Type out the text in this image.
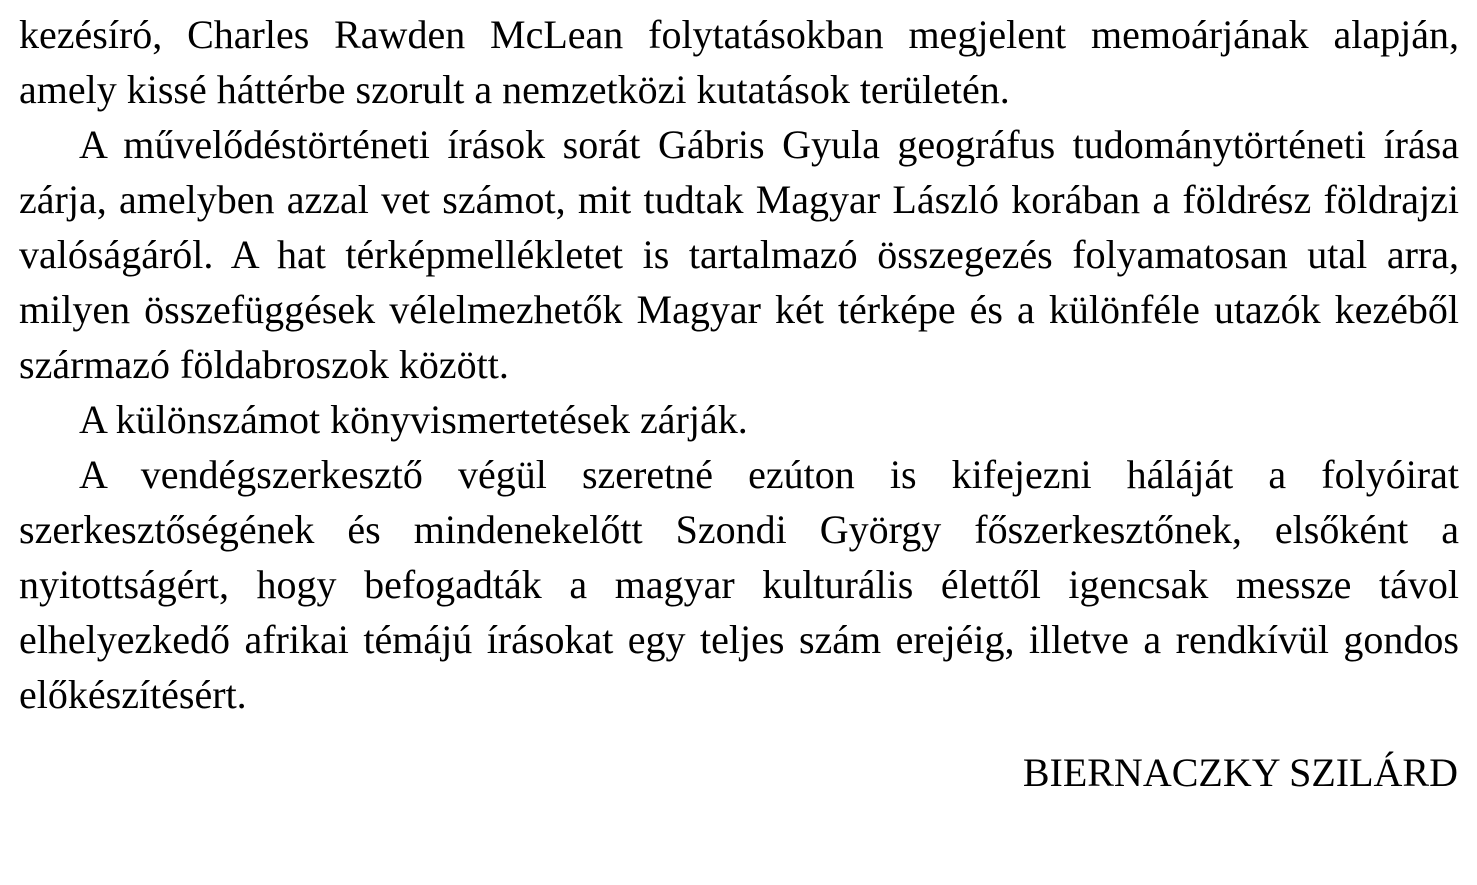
kezésíró, Charles Rawden McLean folytatásokban megjelent memoárjának alapján, amely kissé háttérbe szorult a nemzetközi kutatások területén.

A művelődéstörténeti írások sorát Gábris Gyula geográfus tudománytörténeti írása zárja, amelyben azzal vet számot, mit tudtak Magyar László korában a földrész földrajzi valóságáról. A hat térképmellékletet is tartalmazó összegezés folyamatosan utal arra, milyen összefüggések vélelmezhetők Magyar két térképe és a különféle utazók kezéből származó földabroszok között.

A különszámot könyvismertetések zárják.

A vendégszerkesztő végül szeretné ezúton is kifejezni háláját a folyóirat szerkesztőségének és mindenekelőtt Szondi György főszerkesztőnek, elsőként a nyitottságért, hogy befogadták a magyar kulturális élettől igencsak messze távol elhelyezkedő afrikai témájú írásokat egy teljes szám erejéig, illetve a rendkívül gondos előkészítésért.

BIERNACZKY SZILÁRD
